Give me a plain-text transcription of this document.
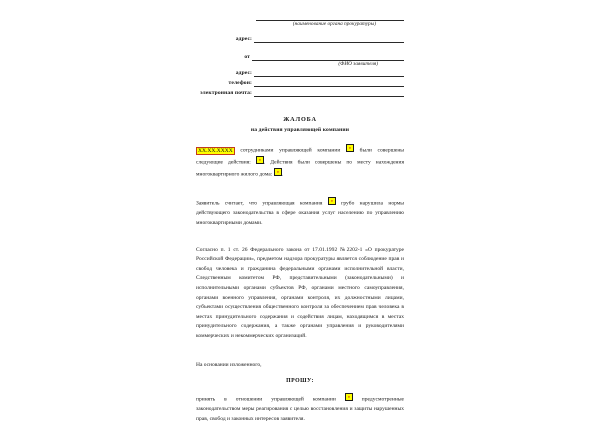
(наименование органа прокуратуры)
адрес:
от
(ФИО заявителя)
адрес:
телефон:
электронная почта:
ЖАЛОБА
на действия управляющей компании

XX.XX.XXXX сотрудниками управляющей компании  были совершены следующие действия: . Действия были совершены по месту нахождения многоквартирного жилого дома: .

Заявитель считает, что управляющая компания  грубо нарушила нормы действующего законодательства в сфере оказания услуг населению по управлению многоквартирными домами.

Согласно п. 1 ст. 26 Федерального закона от 17.01.1992 №2202-1 «О прокуратуре Российской Федерации», предметом надзора прокуратуры является соблюдение прав и свобод человека и гражданина федеральными органами исполнительной власти, Следственным комитетом РФ, представительными (законодательными) и исполнительными органами субъектов РФ, органами местного самоуправления, органами военного управления, органами контроля, их должностными лицами, субъектами осуществления общественного контроля за обеспечением прав человека в местах принудительного содержания и содействия лицам, находящимся в местах принудительного содержания, а также органами управления и руководителями коммерческих и некоммерческих организаций.

На основании изложенного,

ПРОШУ:

принять в отношении управляющей компании  предусмотренные законодательством меры реагирования с целью восстановления и защиты нарушенных прав, свобод и законных интересов заявителя.
